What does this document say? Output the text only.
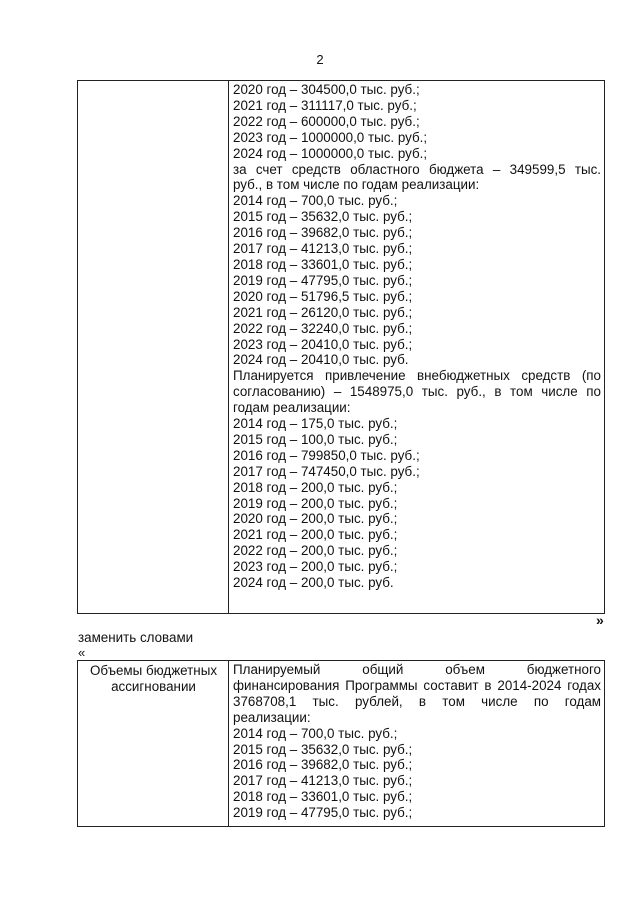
2

2020 год – 304500,0 тыс. руб.;
2021 год – 311117,0 тыс. руб.;
2022 год – 600000,0 тыс. руб.;
2023 год – 1000000,0 тыс. руб.;
2024 год – 1000000,0 тыс. руб.;
за счет средств областного бюджета – 349599,5 тыс.
руб., в том числе по годам реализации:
2014 год – 700,0 тыс. руб.;
2015 год – 35632,0 тыс. руб.;
2016 год – 39682,0 тыс. руб.;
2017 год – 41213,0 тыс. руб.;
2018 год – 33601,0 тыс. руб.;
2019 год – 47795,0 тыс. руб.;
2020 год – 51796,5 тыс. руб.;
2021 год – 26120,0 тыс. руб.;
2022 год – 32240,0 тыс. руб.;
2023 год – 20410,0 тыс. руб.;
2024 год – 20410,0 тыс. руб.
Планируется привлечение внебюджетных средств (по
согласованию) – 1548975,0 тыс. руб., в том числе по
годам реализации:
2014 год – 175,0 тыс. руб.;
2015 год – 100,0 тыс. руб.;
2016 год – 799850,0 тыс. руб.;
2017 год – 747450,0 тыс. руб.;
2018 год – 200,0 тыс. руб.;
2019 год – 200,0 тыс. руб.;
2020 год – 200,0 тыс. руб.;
2021 год – 200,0 тыс. руб.;
2022 год – 200,0 тыс. руб.;
2023 год – 200,0 тыс. руб.;
2024 год – 200,0 тыс. руб.
»
заменить словами
«
Объемы бюджетных
ассигновании

Планируемый общий объем бюджетного
финансирования Программы составит в 2014-2024 годах
3768708,1 тыс. рублей, в том числе по годам
реализации:
2014 год – 700,0 тыс. руб.;
2015 год – 35632,0 тыс. руб.;
2016 год – 39682,0 тыс. руб.;
2017 год – 41213,0 тыс. руб.;
2018 год – 33601,0 тыс. руб.;
2019 год – 47795,0 тыс. руб.;
